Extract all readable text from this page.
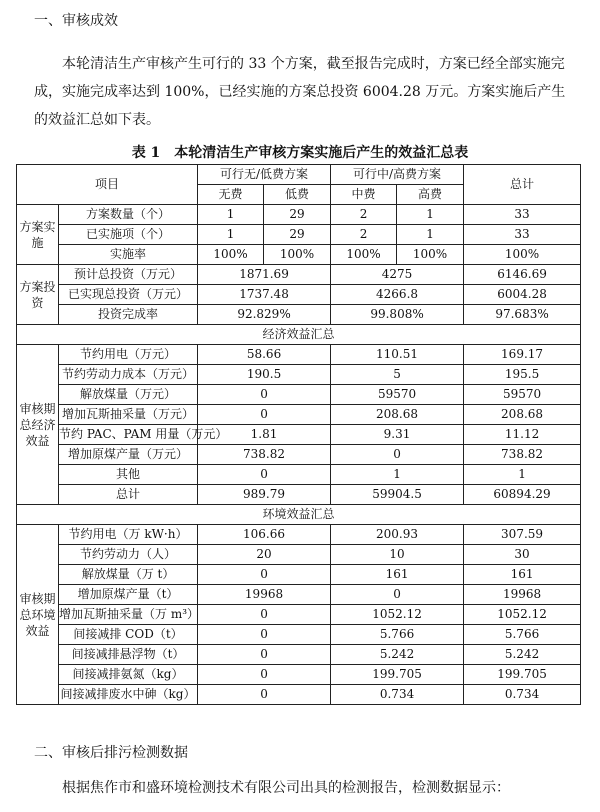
一、审核成效
本轮清洁生产审核产生可行的 33 个方案，截至报告完成时，方案已经全部实施完成，实施完成率达到 100%，已经实施的方案总投资 6004.28 万元。方案实施后产生的效益汇总如下表。
表 1　本轮清洁生产审核方案实施后产生的效益汇总表
项目		可行无/低费方案		可行中/高费方案		总计
		无费	低费	中费	高费	
方案实施	方案数量（个）	1	29	2	1	33
	已实施项（个）	1	29	2	1	33
	实施率	100%	100%	100%	100%	100%
方案投资	预计总投资（万元）	1871.69		4275		6146.69
	已实现总投资（万元）	1737.48		4266.8		6004.28
	投资完成率	92.829%		99.808%		97.683%
经济效益汇总						
审核期总经济效益	节约用电（万元）	58.66		110.51		169.17
	节约劳动力成本（万元）	190.5		5		195.5
	解放煤量（万元）	0		59570		59570
	增加瓦斯抽采量（万元）	0		208.68		208.68
	节约 PAC、PAM 用量（万元）	1.81		9.31		11.12
	增加原煤产量（万元）	738.82		0		738.82
	其他	0		1		1
	总计	989.79		59904.5		60894.29
环境效益汇总						
审核期总环境效益	节约用电（万 kW·h）	106.66		200.93		307.59
	节约劳动力（人）	20		10		30
	解放煤量（万 t）	0		161		161
	增加原煤产量（t）	19968		0		19968
	增加瓦斯抽采量（万 m³）	0		1052.12		1052.12
	间接减排 COD（t）	0		5.766		5.766
	间接减排悬浮物（t）	0		5.242		5.242
	间接减排氨氮（kg）	0		199.705		199.705
	间接减排废水中砷（kg）	0		0.734		0.734
二、审核后排污检测数据
根据焦作市和盛环境检测技术有限公司出具的检测报告，检测数据显示：
